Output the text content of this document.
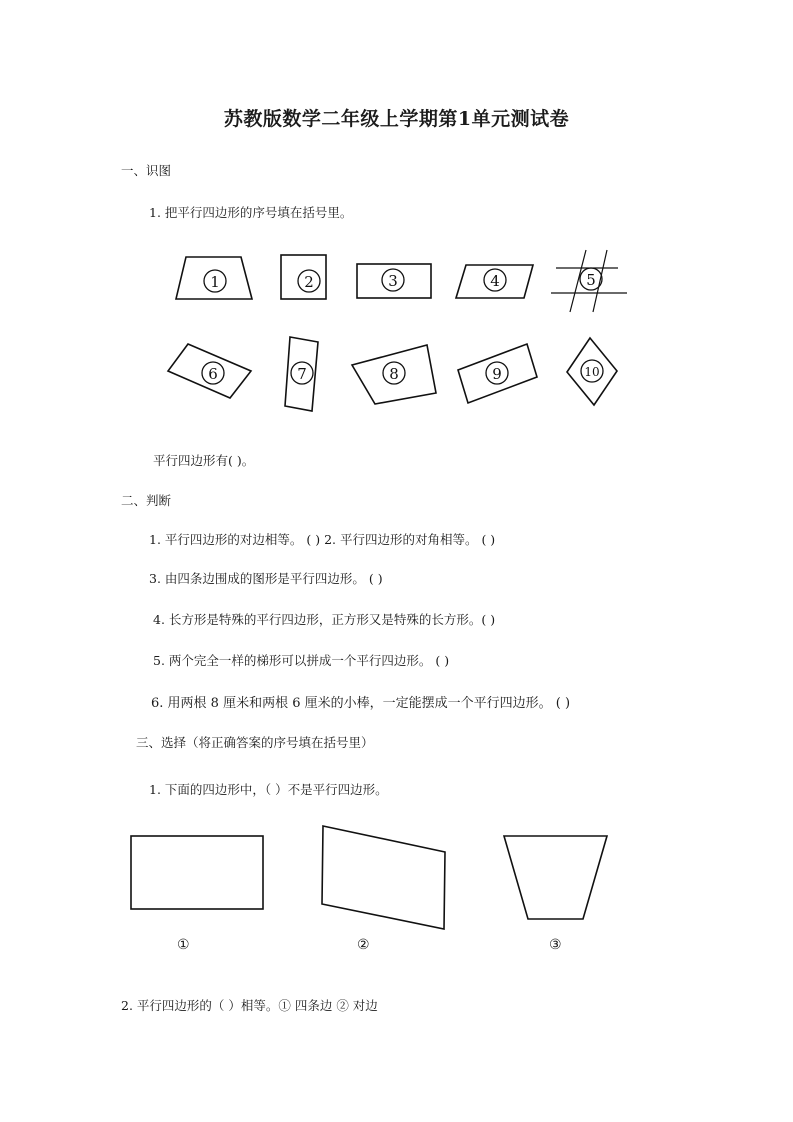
苏教版数学二年级上学期第1单元测试卷
一、识图
1. 把平行四边形的序号填在括号里。
1	2	3	4	5
6	7	8	9	10
平行四边形有( )。
二、判断
1. 平行四边形的对边相等。 ( ) 2. 平行四边形的对角相等。 ( )
3. 由四条边围成的图形是平行四边形。 ( )
4. 长方形是特殊的平行四边形，正方形又是特殊的长方形。( )
5. 两个完全一样的梯形可以拼成一个平行四边形。 ( )
6. 用两根 8 厘米和两根 6 厘米的小棒，一定能摆成一个平行四边形。 ( )
三、选择（将正确答案的序号填在括号里）
1. 下面的四边形中，（ ）不是平行四边形。
①	②	③
2. 平行四边形的（ ）相等。① 四条边 ② 对边
